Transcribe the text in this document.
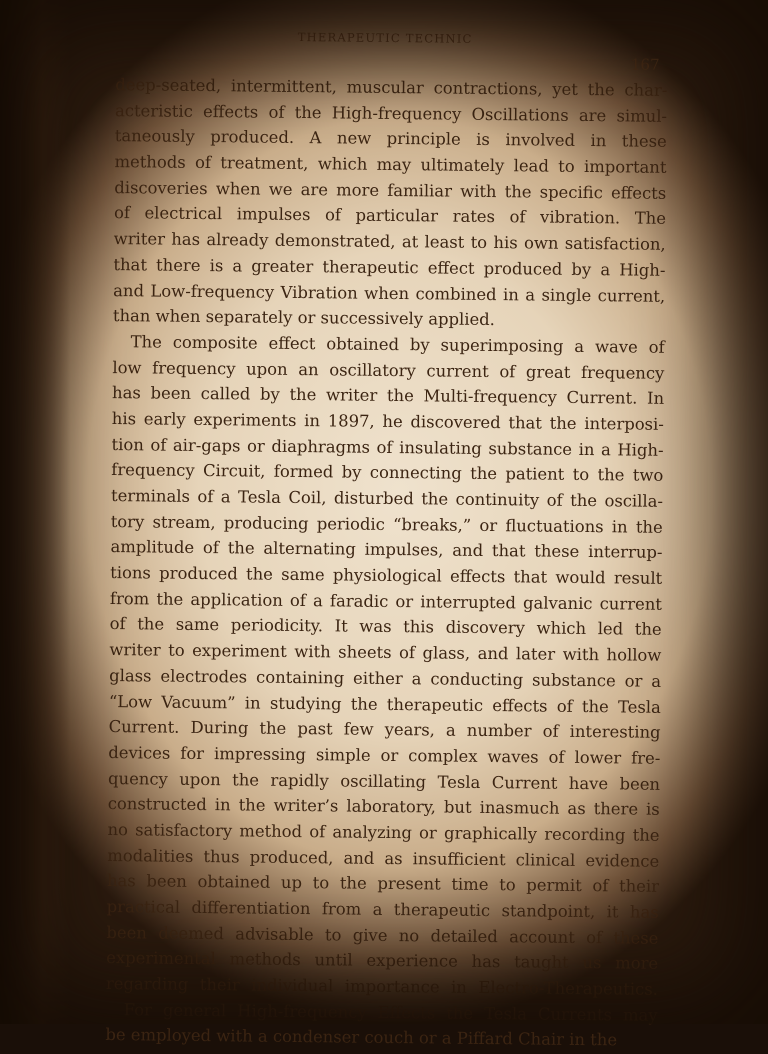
THERAPEUTIC TECHNIC
167
deep-seated, intermittent, muscular contractions, yet the char-
acteristic effects of the High-frequency Oscillations are simul-
taneously produced. A new principle is involved in these
methods of treatment, which may ultimately lead to important
discoveries when we are more familiar with the specific effects
of electrical impulses of particular rates of vibration. The
writer has already demonstrated, at least to his own satisfaction,
that there is a greater therapeutic effect produced by a High-
and Low-frequency Vibration when combined in a single current,
than when separately or successively applied.
The composite effect obtained by superimposing a wave of
low frequency upon an oscillatory current of great frequency
has been called by the writer the Multi-frequency Current. In
his early experiments in 1897, he discovered that the interposi-
tion of air-gaps or diaphragms of insulating substance in a High-
frequency Circuit, formed by connecting the patient to the two
terminals of a Tesla Coil, disturbed the continuity of the oscilla-
tory stream, producing periodic “breaks,” or fluctuations in the
amplitude of the alternating impulses, and that these interrup-
tions produced the same physiological effects that would result
from the application of a faradic or interrupted galvanic current
of the same periodicity. It was this discovery which led the
writer to experiment with sheets of glass, and later with hollow
glass electrodes containing either a conducting substance or a
“Low Vacuum” in studying the therapeutic effects of the Tesla
Current. During the past few years, a number of interesting
devices for impressing simple or complex waves of lower fre-
quency upon the rapidly oscillating Tesla Current have been
constructed in the writer’s laboratory, but inasmuch as there is
no satisfactory method of analyzing or graphically recording the
modalities thus produced, and as insufficient clinical evidence
has been obtained up to the present time to permit of their
practical differentiation from a therapeutic standpoint, it has
been deemed advisable to give no detailed account of these
experimental methods until experience has taught us more
regarding their individual importance in Electro-Therapeutics.
For general High-frequency Effects the Tesla Currents may
be employed with a condenser couch or a Piffard Chair in the
